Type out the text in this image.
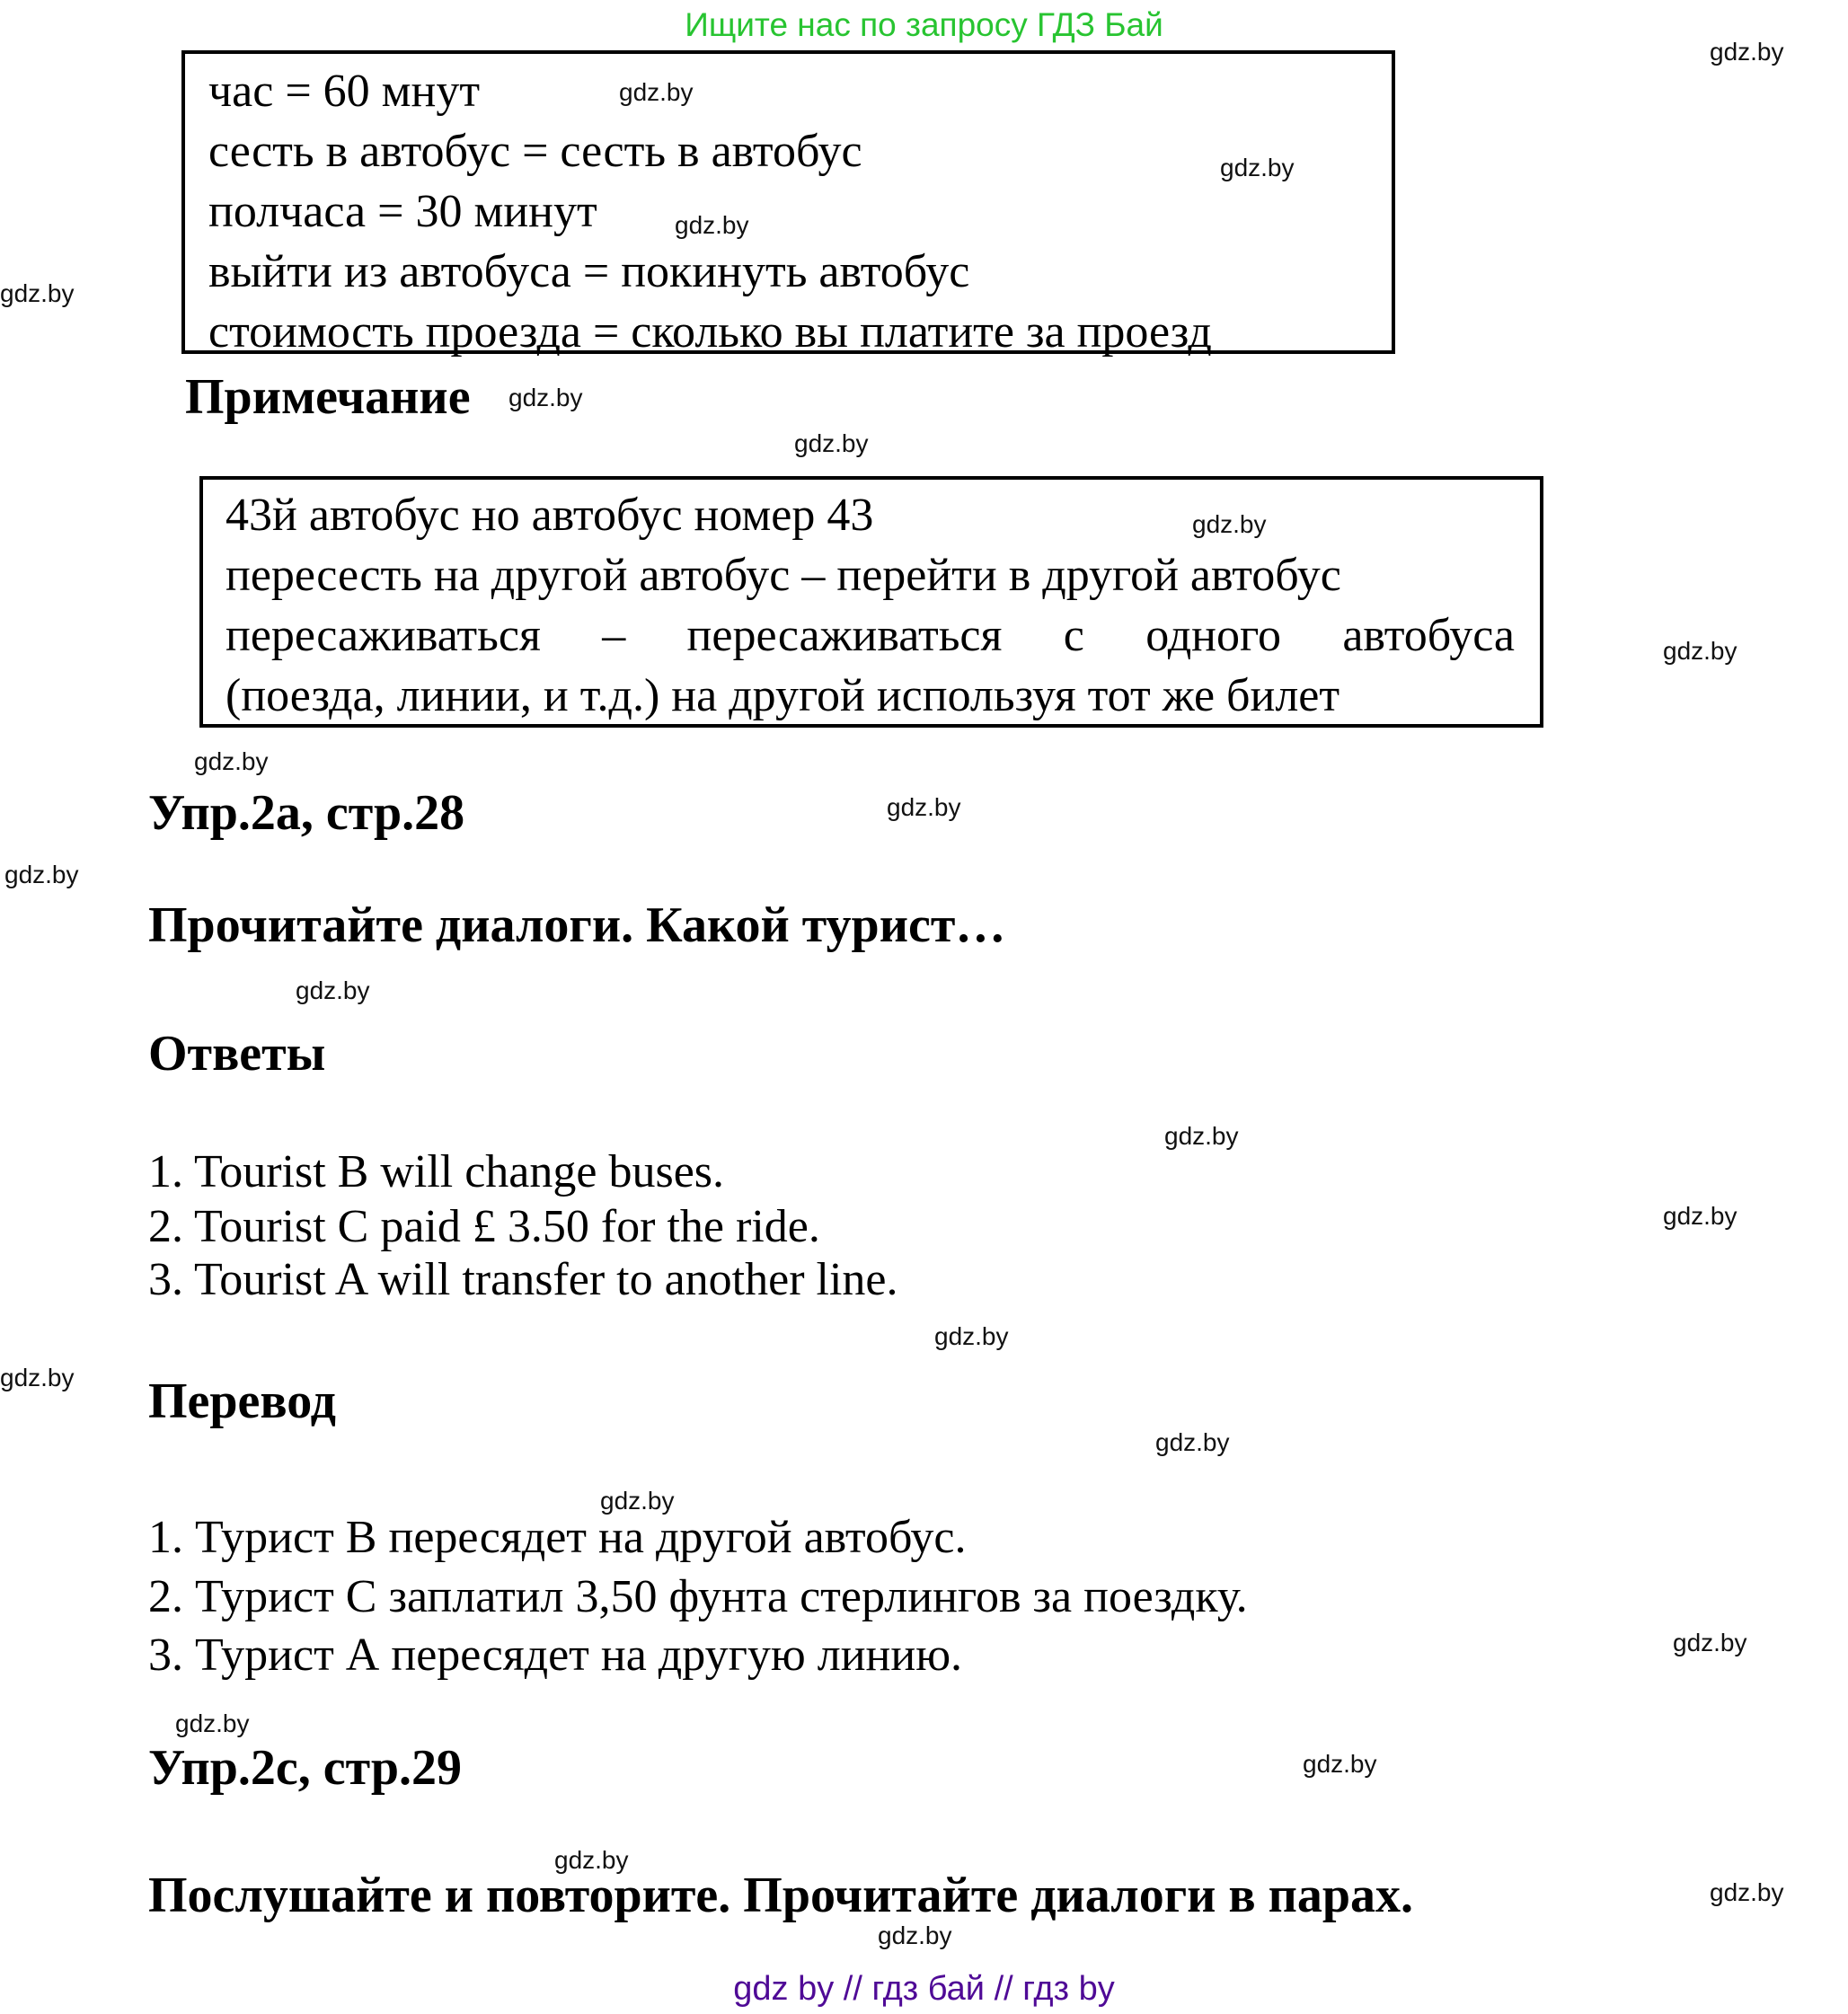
Ищите нас по запросу ГДЗ Бай
час = 60 мнут
сесть в автобус = сесть в автобус
полчаса = 30 минут
выйти из автобуса = покинуть автобус
стоимость проезда = сколько вы платите за проезд
Примечание
43й автобус но автобус номер 43
пересесть на другой автобус – перейти в другой автобус
пересаживаться – пересаживаться с одного автобуса
(поезда, линии, и т.д.) на другой используя тот же билет
Упр.2а, стр.28
Прочитайте диалоги. Какой турист…
Ответы
1. Tourist B will change buses.
2. Tourist C paid £ 3.50 for the ride.
3. Tourist A will transfer to another line.
Перевод
1. Турист В пересядет на другой автобус.
2. Турист С заплатил 3,50 фунта стерлингов за поездку.
3. Турист А пересядет на другую линию.
Упр.2с, стр.29
Послушайте и повторите. Прочитайте диалоги в парах.
gdz by // гдз бай // гдз by
gdz.by
gdz.by
gdz.by
gdz.by
gdz.by
gdz.by
gdz.by
gdz.by
gdz.by
gdz.by
gdz.by
gdz.by
gdz.by
gdz.by
gdz.by
gdz.by
gdz.by
gdz.by
gdz.by
gdz.by
gdz.by
gdz.by
gdz.by
gdz.by
gdz.by
